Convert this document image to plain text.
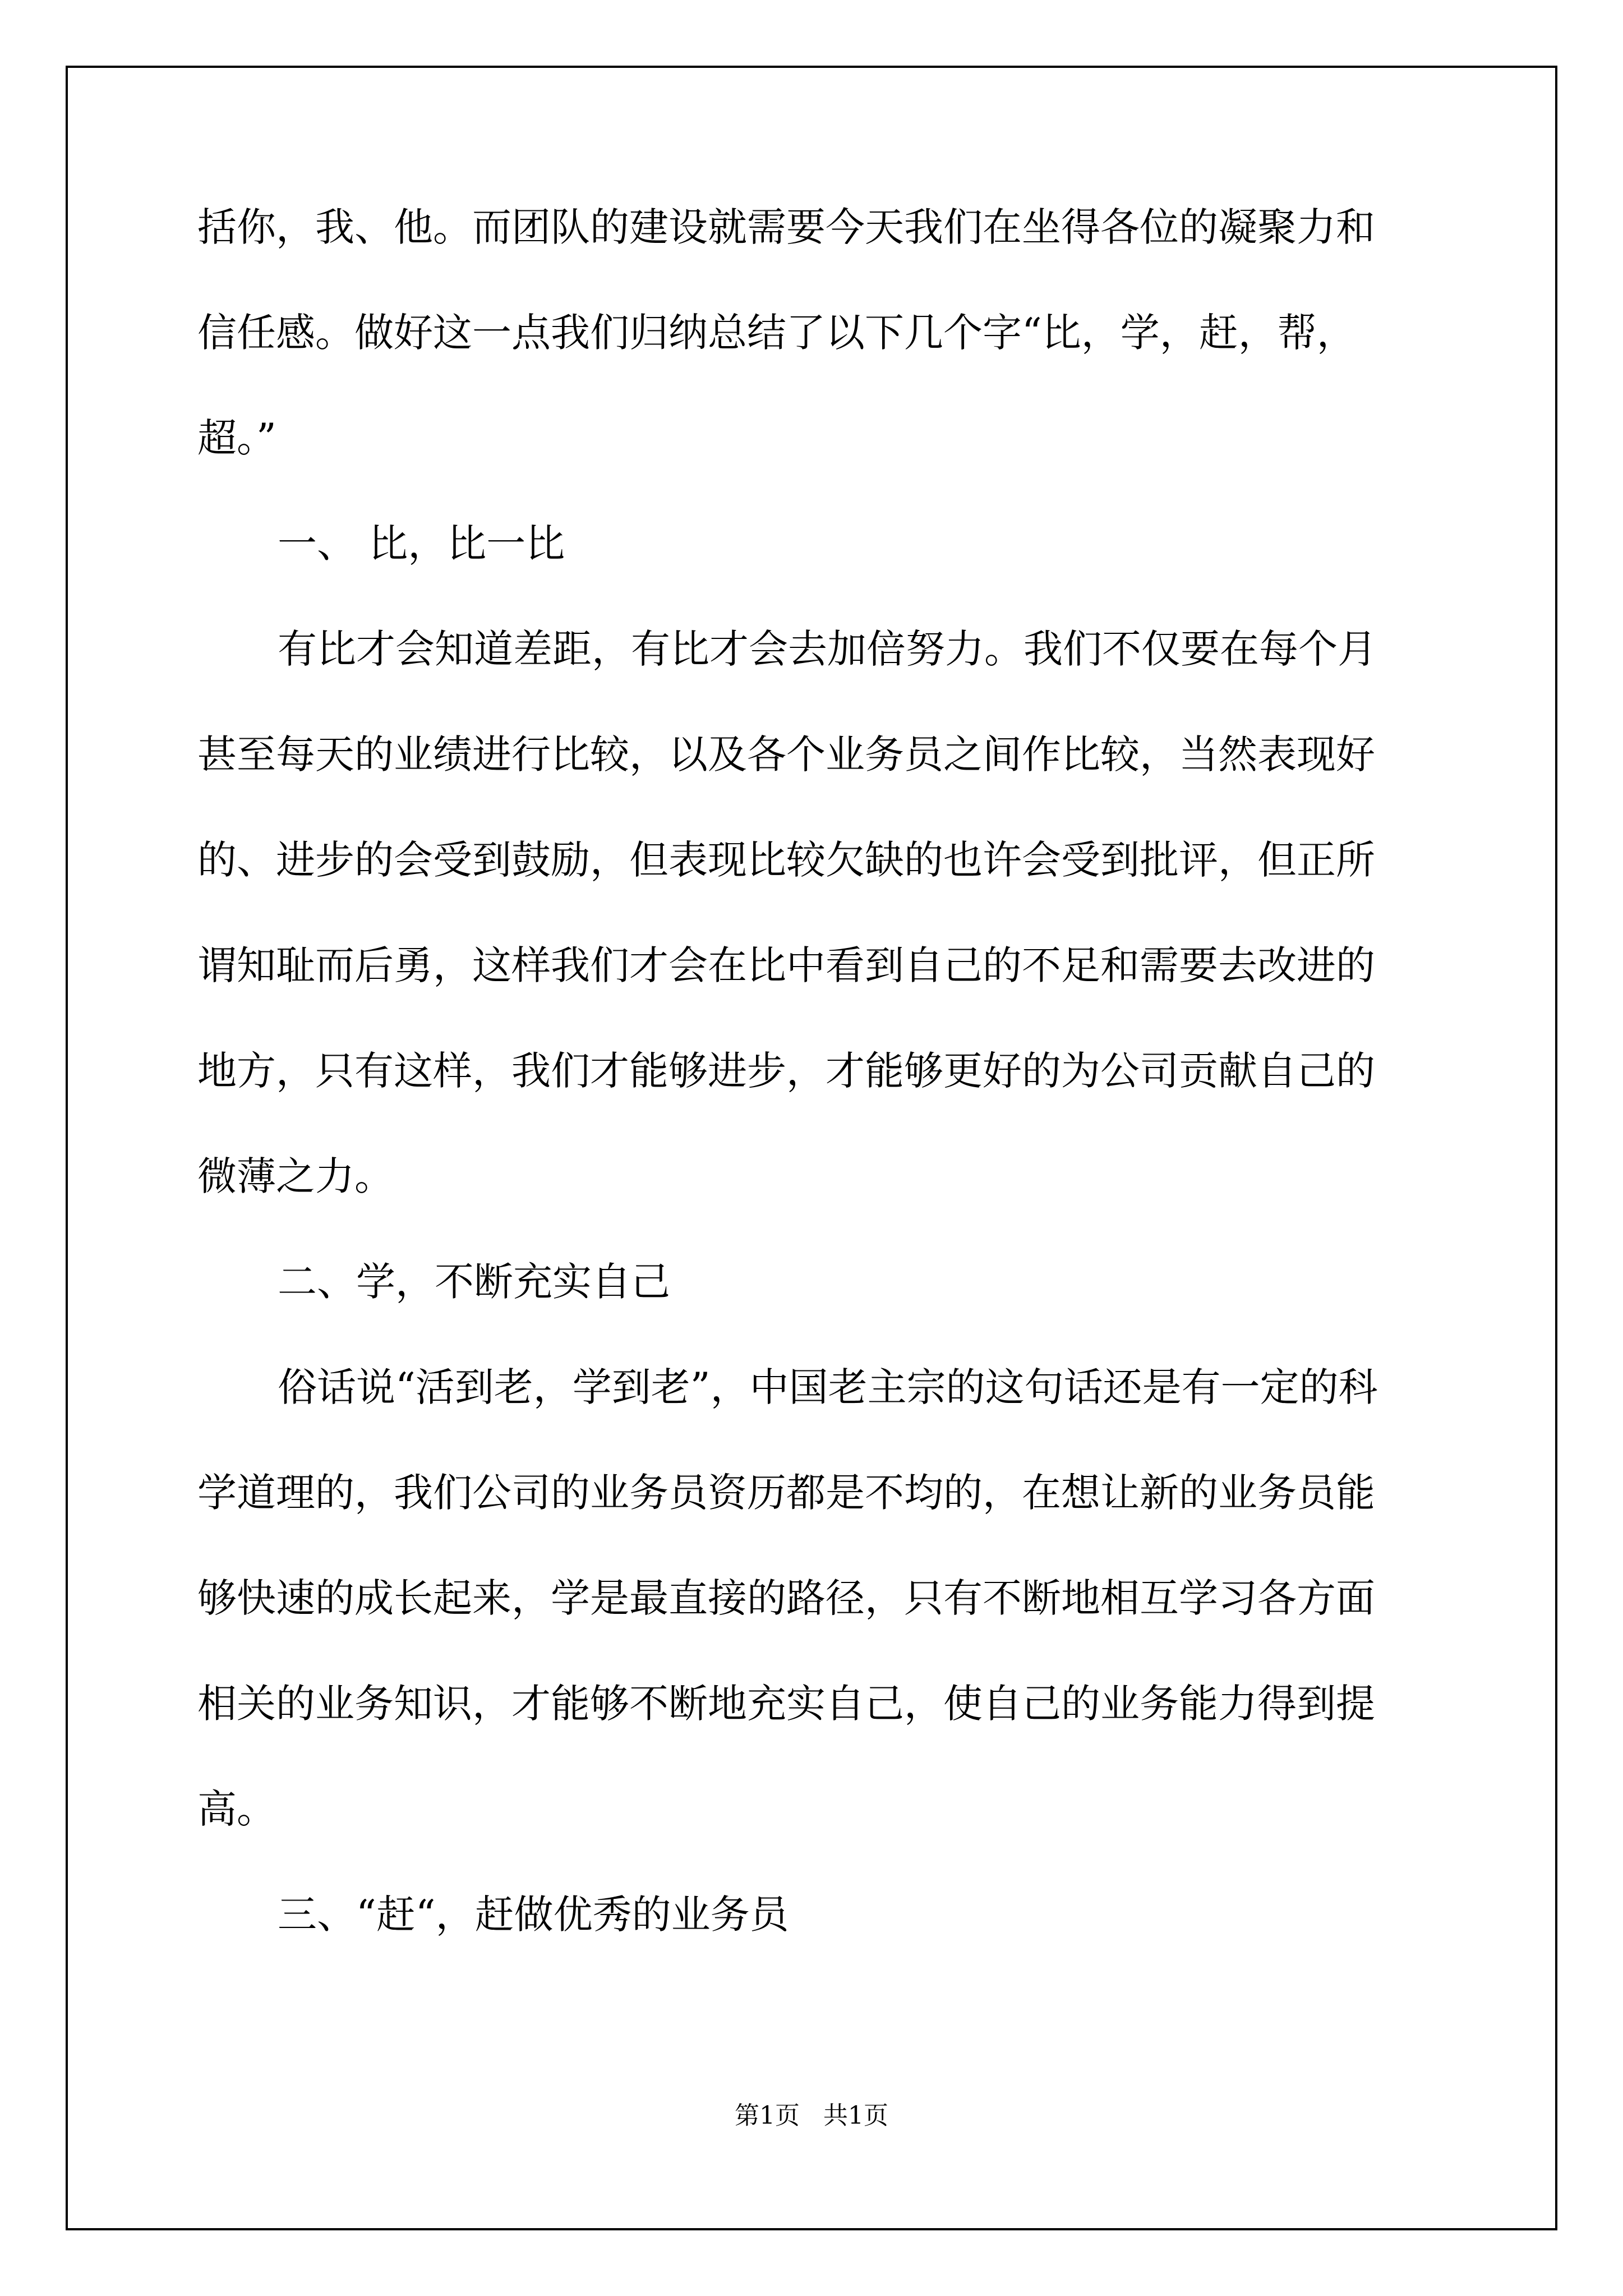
括你，我、他。而团队的建设就需要今天我们在坐得各位的凝聚力和

信任感。做好这一点我们归纳总结了以下几个字“比，学，赶，帮，

超。”

一、 比，比一比

有比才会知道差距，有比才会去加倍努力。我们不仅要在每个月

甚至每天的业绩进行比较，以及各个业务员之间作比较，当然表现好

的、进步的会受到鼓励，但表现比较欠缺的也许会受到批评，但正所

谓知耻而后勇，这样我们才会在比中看到自己的不足和需要去改进的

地方，只有这样，我们才能够进步，才能够更好的为公司贡献自己的

微薄之力。

二、学，不断充实自己

俗话说“活到老，学到老”，中国老主宗的这句话还是有一定的科

学道理的，我们公司的业务员资历都是不均的，在想让新的业务员能

够快速的成长起来，学是最直接的路径，只有不断地相互学习各方面

相关的业务知识，才能够不断地充实自己，使自己的业务能力得到提

高。

三、“赶“，赶做优秀的业务员

第1页   共1页
